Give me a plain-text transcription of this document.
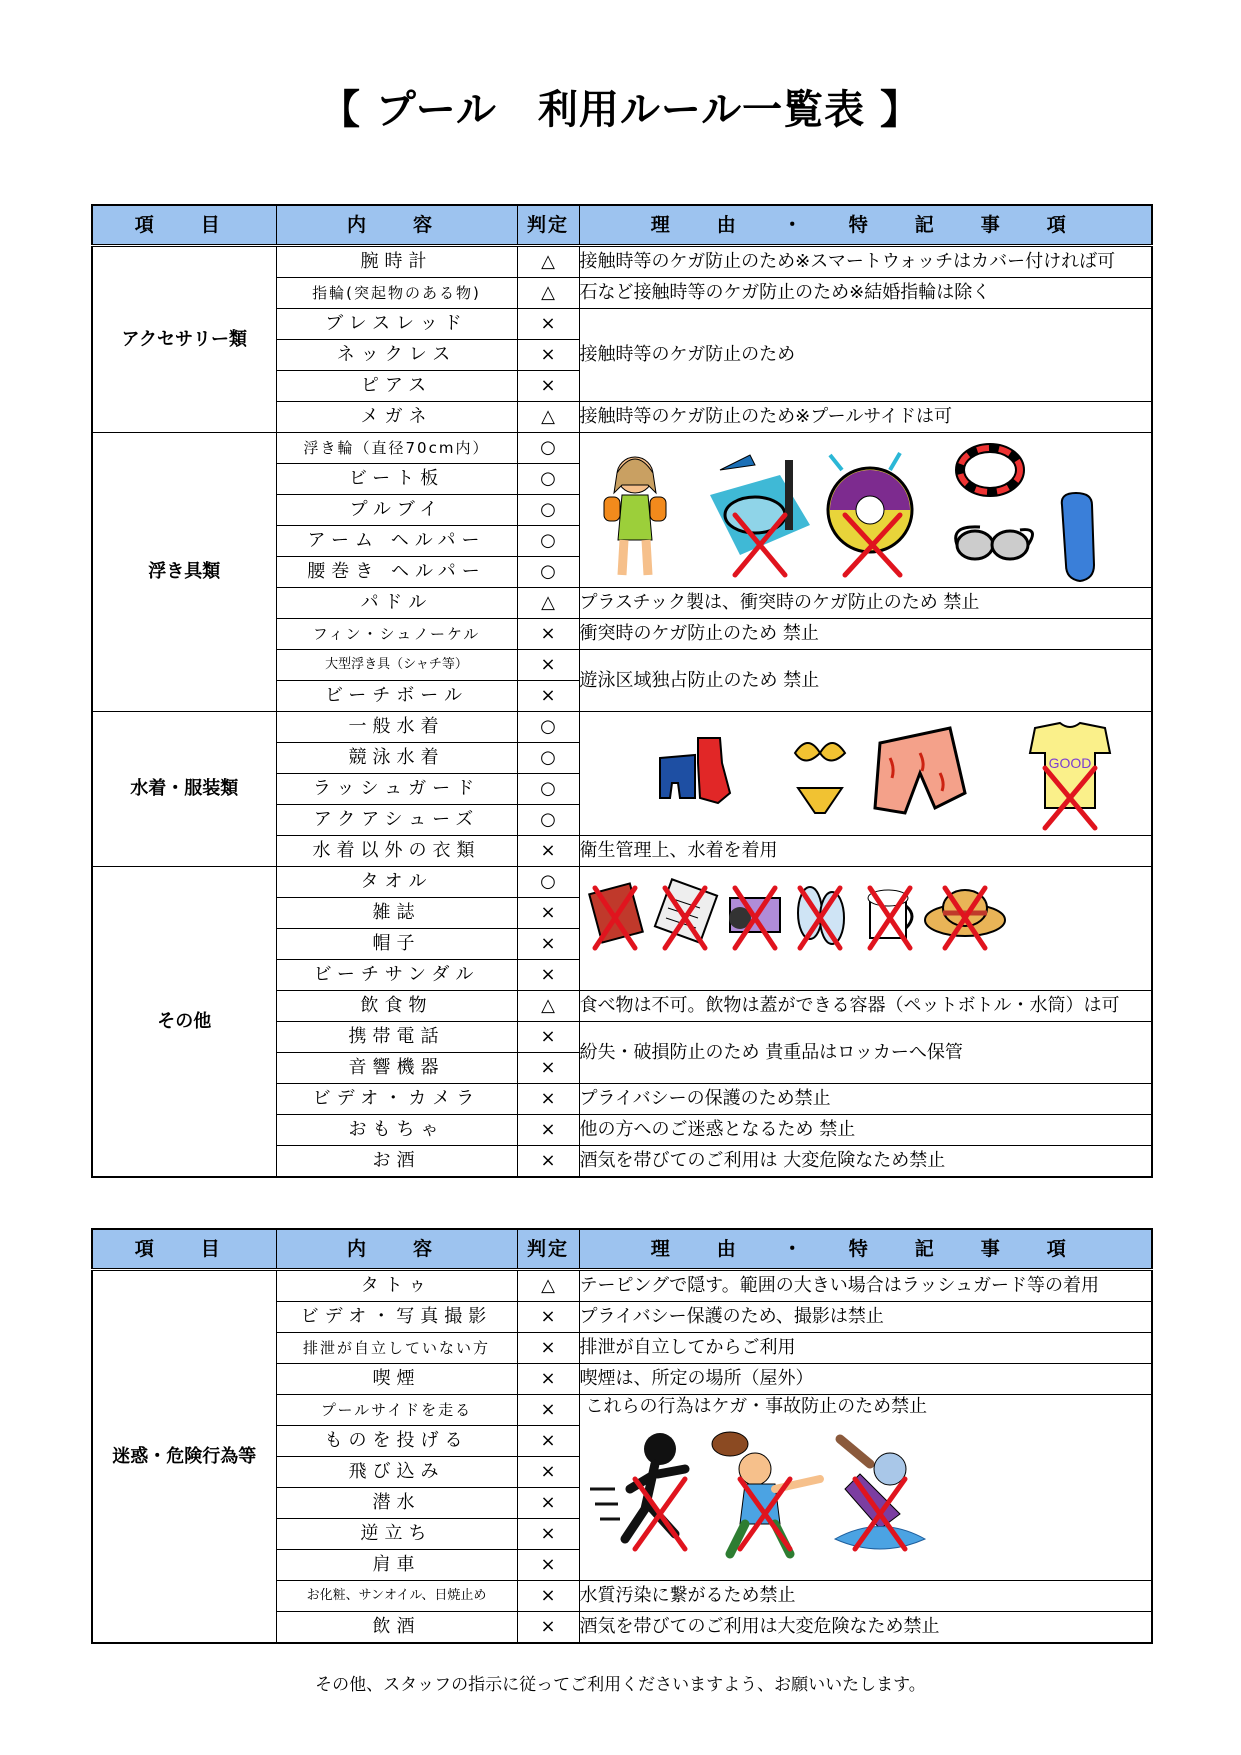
【 プール　利用ルール一覧表 】
項　目	内　容	判定	理　由　・　特　記　事　項
アクセサリー類	腕時計	△	接触時等のケガ防止のため※スマートウォッチはカバー付ければ可
	指輪(突起物のある物)	△	石など接触時等のケガ防止のため※結婚指輪は除く
	ブレスレッド	×	接触時等のケガ防止のため
	ネックレス	×	
	ピアス	×	
	メガネ	△	接触時等のケガ防止のため※プールサイドは可
浮き具類	浮き輪（直径70cm内）	○	

	ビート板	○	
	プルブイ	○	
	アーム ヘルパー	○	
	腰巻き ヘルパー	○	
	パドル	△	プラスチック製は、衝突時のケガ防止のため 禁止
	フィン・シュノーケル	×	衝突時のケガ防止のため 禁止
	大型浮き具（シャチ等）	×	遊泳区域独占防止のため 禁止
	ビーチボール	×	
水着・服装類	一般水着	○	GOOD

	競泳水着	○	
	ラッシュガード	○	
	アクアシューズ	○	
	水着以外の衣類	×	衛生管理上、水着を着用
その他	タオル	○	

	雑誌	×	
	帽子	×	
	ビーチサンダル	×	
	飲食物	△	食べ物は不可。飲物は蓋ができる容器（ペットボトル・水筒）は可
	携帯電話	×	紛失・破損防止のため 貴重品はロッカーへ保管
	音響機器	×	
	ビデオ・カメラ	×	プライバシーの保護のため禁止
	おもちゃ	×	他の方へのご迷惑となるため 禁止
	お酒	×	酒気を帯びてのご利用は 大変危険なため禁止
項　目	内　容	判定	理　由　・　特　記　事　項
迷惑・危険行為等	タトゥ	△	テーピングで隠す。範囲の大きい場合はラッシュガード等の着用
	ビデオ・写真撮影	×	プライバシー保護のため、撮影は禁止
	排泄が自立していない方	×	排泄が自立してからご利用
	喫煙	×	喫煙は、所定の場所（屋外）
	プールサイドを走る	×	これらの行為はケガ・事故防止のため禁止

	ものを投げる	×	
	飛び込み	×	
	潜水	×	
	逆立ち	×	
	肩車	×	
	お化粧、サンオイル、日焼止め	×	水質汚染に繋がるため禁止
	飲酒	×	酒気を帯びてのご利用は大変危険なため禁止
その他、スタッフの指示に従ってご利用くださいますよう、お願いいたします。
